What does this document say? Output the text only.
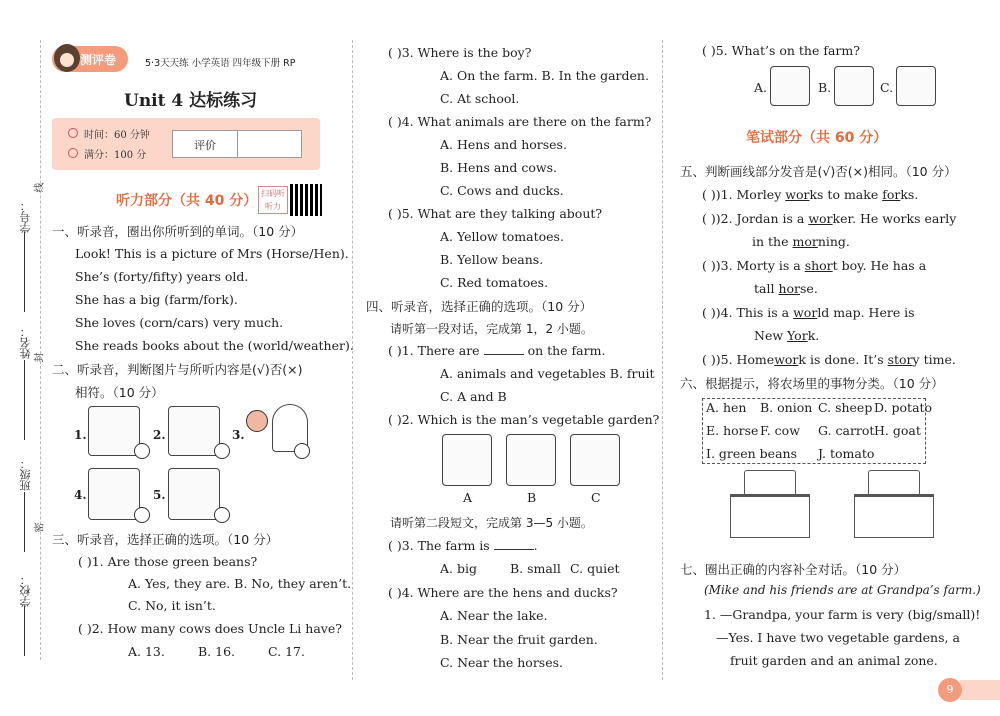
学号：
姓名：
班级：
学校：
线
封
密
测评卷	5·3天天练 小学英语 四年级下册 RP
Unit 4 达标练习
时间：60 分钟
满分：100 分
评价
听力部分（共 40 分） 扫码听听力
一、听录音，圈出你所听到的单词。（10 分）
Look! This is a picture of Mrs (Horse/Hen).
She’s (forty/fifty) years old.
She has a big (farm/fork).
She loves (corn/cars) very much.
She reads books about the (world/weather).
二、听录音，判断图片与所听内容是(√)否(×)
相符。（10 分）
1.	2.	3.
4.	5.
三、听录音，选择正确的选项。（10 分）
( )1. Are those green beans?
A. Yes, they are. B. No, they aren’t.
C. No, it isn’t.
( )2. How many cows does Uncle Li have?
A. 13.	B. 16.	C. 17.
( )3. Where is the boy?
A. On the farm. B. In the garden.
C. At school.
( )4. What animals are there on the farm?
A. Hens and horses.
B. Hens and cows.
C. Cows and ducks.
( )5. What are they talking about?
A. Yellow tomatoes.
B. Yellow beans.
C. Red tomatoes.
四、听录音，选择正确的选项。（10 分）
请听第一段对话，完成第 1，2 小题。
( )1. There are	on the farm.
A. animals and vegetables B. fruit
C. A and B
( )2. Which is the man’s vegetable garden?
A	B	C
请听第二段短文，完成第 3—5 小题。
( )3. The farm is	.
A. big	B. small C. quiet
( )4. Where are the hens and ducks?
A. Near the lake.
B. Near the fruit garden.
C. Near the horses.
( )5. What’s on the farm?
A.	B.	C.
笔试部分（共 60 分）
五、判断画线部分发音是(√)否(×)相同。（10 分）
( ))1. Morley works to make forks.
( ))2. Jordan is a worker. He works early
in the morning.
( ))3. Morty is a short boy. He has a
tall horse.
( ))4. This is a world map. Here is
New York.
( ))5. Homework is done. It’s story time.
六、根据提示，将农场里的事物分类。（10 分）
A. hen B. onion C. sheep D. potato
E. horse F. cow G. carrot H. goat
I. green beans J. tomato
七、圈出正确的内容补全对话。（10 分）
(Mike and his friends are at Grandpa’s farm.)
1. —Grandpa, your farm is very (big/small)!
—Yes. I have two vegetable gardens, a
fruit garden and an animal zone.
9
